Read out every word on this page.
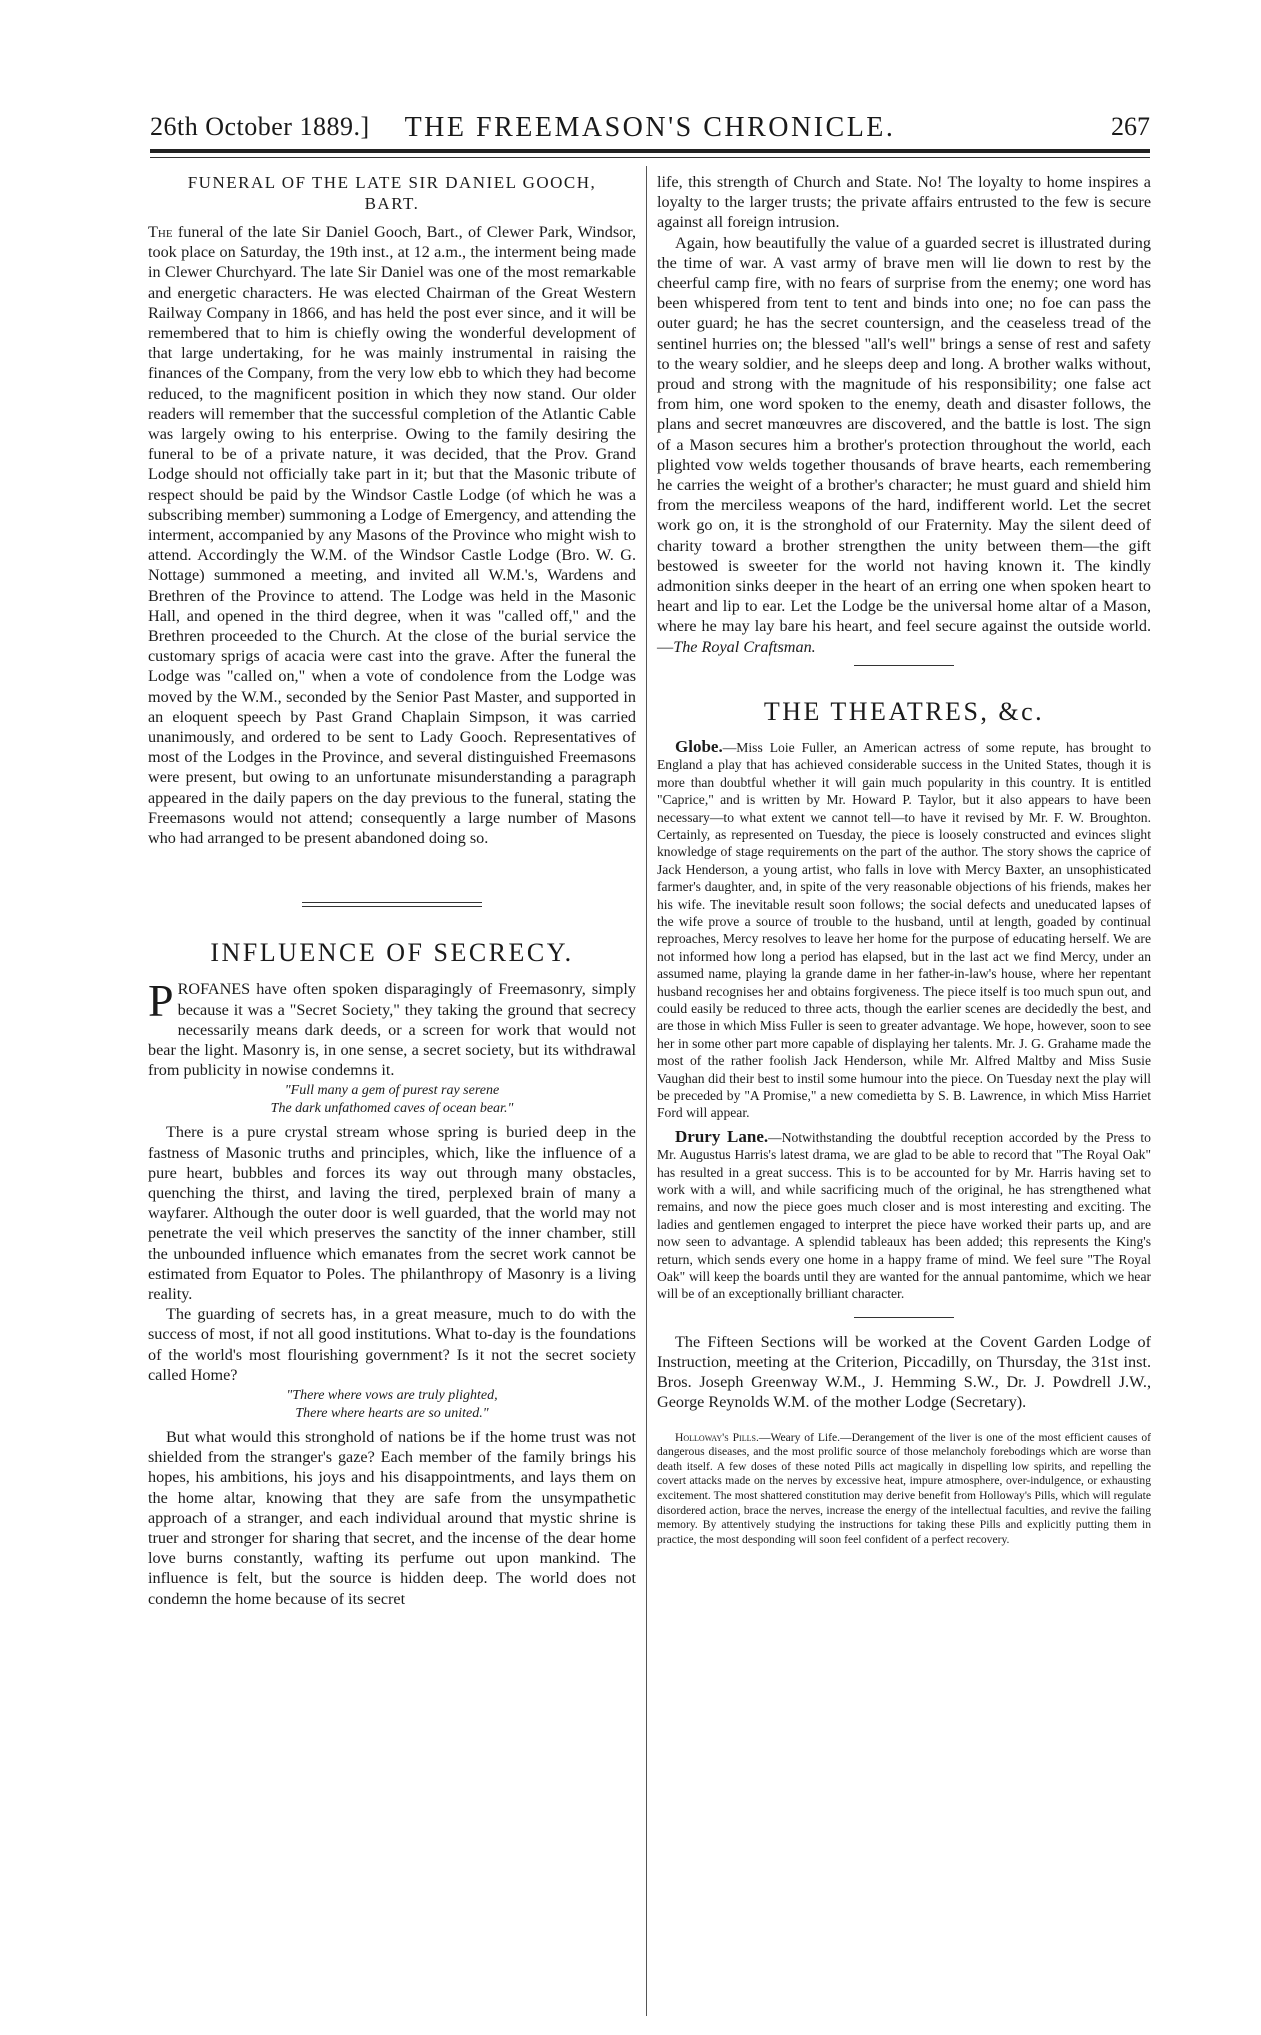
26th October 1889.]	THE FREEMASON'S CHRONICLE.	267
FUNERAL OF THE LATE SIR DANIEL GOOCH,
BART.

The funeral of the late Sir Daniel Gooch, Bart., of Clewer Park, Windsor, took place on Saturday, the 19th inst., at 12 a.m., the interment being made in Clewer Churchyard. The late Sir Daniel was one of the most remarkable and energetic characters. He was elected Chairman of the Great Western Railway Company in 1866, and has held the post ever since, and it will be remembered that to him is chiefly owing the wonderful development of that large undertaking, for he was mainly instrumental in raising the finances of the Company, from the very low ebb to which they had become reduced, to the magnificent position in which they now stand. Our older readers will remember that the successful completion of the Atlantic Cable was largely owing to his enterprise. Owing to the family desiring the funeral to be of a private nature, it was decided, that the Prov. Grand Lodge should not officially take part in it; but that the Masonic tribute of respect should be paid by the Windsor Castle Lodge (of which he was a subscribing member) summoning a Lodge of Emergency, and attending the interment, accompanied by any Masons of the Province who might wish to attend. Accordingly the W.M. of the Windsor Castle Lodge (Bro. W. G. Nottage) summoned a meeting, and invited all W.M.'s, Wardens and Brethren of the Province to attend. The Lodge was held in the Masonic Hall, and opened in the third degree, when it was "called off," and the Brethren proceeded to the Church. At the close of the burial service the customary sprigs of acacia were cast into the grave. After the funeral the Lodge was "called on," when a vote of condolence from the Lodge was moved by the W.M., seconded by the Senior Past Master, and supported in an eloquent speech by Past Grand Chaplain Simpson, it was carried unanimously, and ordered to be sent to Lady Gooch. Representatives of most of the Lodges in the Province, and several distinguished Freemasons were present, but owing to an unfortunate misunderstanding a paragraph appeared in the daily papers on the day previous to the funeral, stating the Freemasons would not attend; consequently a large number of Masons who had arranged to be present abandoned doing so.

INFLUENCE OF SECRECY.

PROFANES have often spoken disparagingly of Freemasonry, simply because it was a "Secret Society," they taking the ground that secrecy necessarily means dark deeds, or a screen for work that would not bear the light. Masonry is, in one sense, a secret society, but its withdrawal from publicity in nowise condemns it.

"Full many a gem of purest ray serene
The dark unfathomed caves of ocean bear."

There is a pure crystal stream whose spring is buried deep in the fastness of Masonic truths and principles, which, like the influence of a pure heart, bubbles and forces its way out through many obstacles, quenching the thirst, and laving the tired, perplexed brain of many a wayfarer. Although the outer door is well guarded, that the world may not penetrate the veil which preserves the sanctity of the inner chamber, still the unbounded influence which emanates from the secret work cannot be estimated from Equator to Poles. The philanthropy of Masonry is a living reality.

The guarding of secrets has, in a great measure, much to do with the success of most, if not all good institutions. What to-day is the foundations of the world's most flourishing government? Is it not the secret society called Home?

"There where vows are truly plighted,
There where hearts are so united."

But what would this stronghold of nations be if the home trust was not shielded from the stranger's gaze? Each member of the family brings his hopes, his ambitions, his joys and his disappointments, and lays them on the home altar, knowing that they are safe from the unsympathetic approach of a stranger, and each individual around that mystic shrine is truer and stronger for sharing that secret, and the incense of the dear home love burns constantly, wafting its perfume out upon mankind. The influence is felt, but the source is hidden deep. The world does not condemn the home because of its secret

life, this strength of Church and State. No! The loyalty to home inspires a loyalty to the larger trusts; the private affairs entrusted to the few is secure against all foreign intrusion.

Again, how beautifully the value of a guarded secret is illustrated during the time of war. A vast army of brave men will lie down to rest by the cheerful camp fire, with no fears of surprise from the enemy; one word has been whispered from tent to tent and binds into one; no foe can pass the outer guard; he has the secret countersign, and the ceaseless tread of the sentinel hurries on; the blessed "all's well" brings a sense of rest and safety to the weary soldier, and he sleeps deep and long. A brother walks without, proud and strong with the magnitude of his responsibility; one false act from him, one word spoken to the enemy, death and disaster follows, the plans and secret manœuvres are discovered, and the battle is lost. The sign of a Mason secures him a brother's protection throughout the world, each plighted vow welds together thousands of brave hearts, each remembering he carries the weight of a brother's character; he must guard and shield him from the merciless weapons of the hard, indifferent world. Let the secret work go on, it is the stronghold of our Fraternity. May the silent deed of charity toward a brother strengthen the unity between them—the gift bestowed is sweeter for the world not having known it. The kindly admonition sinks deeper in the heart of an erring one when spoken heart to heart and lip to ear. Let the Lodge be the universal home altar of a Mason, where he may lay bare his heart, and feel secure against the outside world.—The Royal Craftsman.

THE THEATRES, &c.

Globe.—Miss Loie Fuller, an American actress of some repute, has brought to England a play that has achieved considerable success in the United States, though it is more than doubtful whether it will gain much popularity in this country. It is entitled "Caprice," and is written by Mr. Howard P. Taylor, but it also appears to have been necessary—to what extent we cannot tell—to have it revised by Mr. F. W. Broughton. Certainly, as represented on Tuesday, the piece is loosely constructed and evinces slight knowledge of stage requirements on the part of the author. The story shows the caprice of Jack Henderson, a young artist, who falls in love with Mercy Baxter, an unsophisticated farmer's daughter, and, in spite of the very reasonable objections of his friends, makes her his wife. The inevitable result soon follows; the social defects and uneducated lapses of the wife prove a source of trouble to the husband, until at length, goaded by continual reproaches, Mercy resolves to leave her home for the purpose of educating herself. We are not informed how long a period has elapsed, but in the last act we find Mercy, under an assumed name, playing la grande dame in her father-in-law's house, where her repentant husband recognises her and obtains forgiveness. The piece itself is too much spun out, and could easily be reduced to three acts, though the earlier scenes are decidedly the best, and are those in which Miss Fuller is seen to greater advantage. We hope, however, soon to see her in some other part more capable of displaying her talents. Mr. J. G. Grahame made the most of the rather foolish Jack Henderson, while Mr. Alfred Maltby and Miss Susie Vaughan did their best to instil some humour into the piece. On Tuesday next the play will be preceded by "A Promise," a new comedietta by S. B. Lawrence, in which Miss Harriet Ford will appear.

Drury Lane.—Notwithstanding the doubtful reception accorded by the Press to Mr. Augustus Harris's latest drama, we are glad to be able to record that "The Royal Oak" has resulted in a great success. This is to be accounted for by Mr. Harris having set to work with a will, and while sacrificing much of the original, he has strengthened what remains, and now the piece goes much closer and is most interesting and exciting. The ladies and gentlemen engaged to interpret the piece have worked their parts up, and are now seen to advantage. A splendid tableaux has been added; this represents the King's return, which sends every one home in a happy frame of mind. We feel sure "The Royal Oak" will keep the boards until they are wanted for the annual pantomime, which we hear will be of an exceptionally brilliant character.

The Fifteen Sections will be worked at the Covent Garden Lodge of Instruction, meeting at the Criterion, Piccadilly, on Thursday, the 31st inst. Bros. Joseph Greenway W.M., J. Hemming S.W., Dr. J. Powdrell J.W., George Reynolds W.M. of the mother Lodge (Secretary).

Holloway's Pills.—Weary of Life.—Derangement of the liver is one of the most efficient causes of dangerous diseases, and the most prolific source of those melancholy forebodings which are worse than death itself. A few doses of these noted Pills act magically in dispelling low spirits, and repelling the covert attacks made on the nerves by excessive heat, impure atmosphere, over-indulgence, or exhausting excitement. The most shattered constitution may derive benefit from Holloway's Pills, which will regulate disordered action, brace the nerves, increase the energy of the intellectual faculties, and revive the failing memory. By attentively studying the instructions for taking these Pills and explicitly putting them in practice, the most desponding will soon feel confident of a perfect recovery.
